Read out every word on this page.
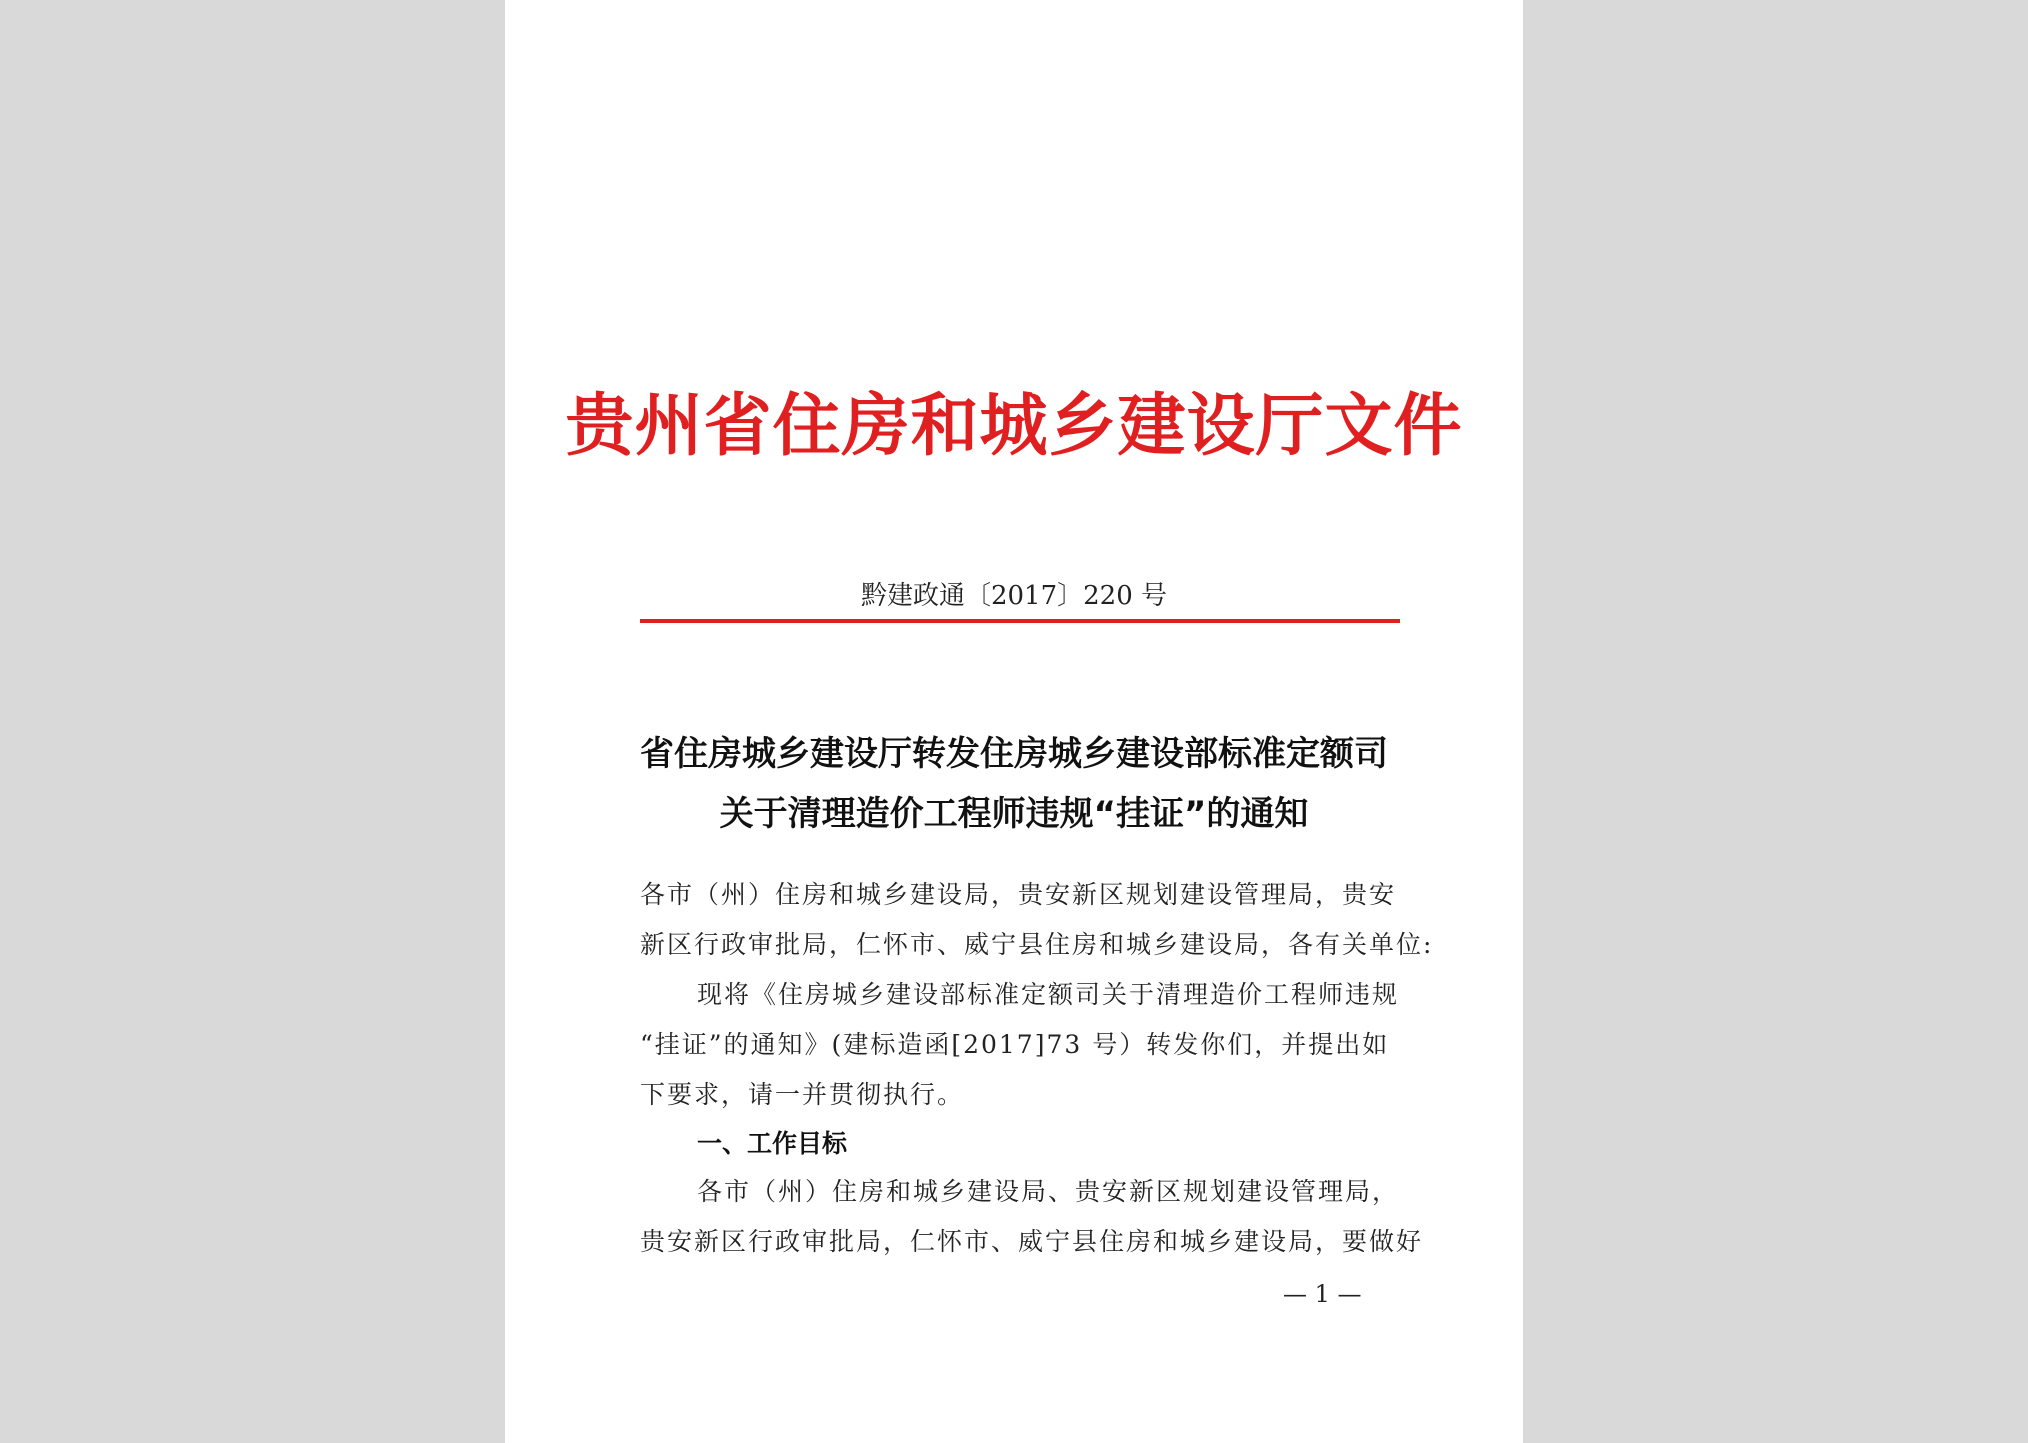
贵州省住房和城乡建设厅文件
黔建政通〔2017〕220 号
省住房城乡建设厅转发住房城乡建设部标准定额司
关于清理造价工程师违规“挂证”的通知
各市（州）住房和城乡建设局，贵安新区规划建设管理局，贵安
新区行政审批局，仁怀市、威宁县住房和城乡建设局，各有关单位:
现将《住房城乡建设部标准定额司关于清理造价工程师违规
“挂证”的通知》(建标造函[2017]73 号）转发你们，并提出如
下要求，请一并贯彻执行。
一、工作目标
各市（州）住房和城乡建设局、贵安新区规划建设管理局，
贵安新区行政审批局，仁怀市、威宁县住房和城乡建设局，要做好
— 1 —
